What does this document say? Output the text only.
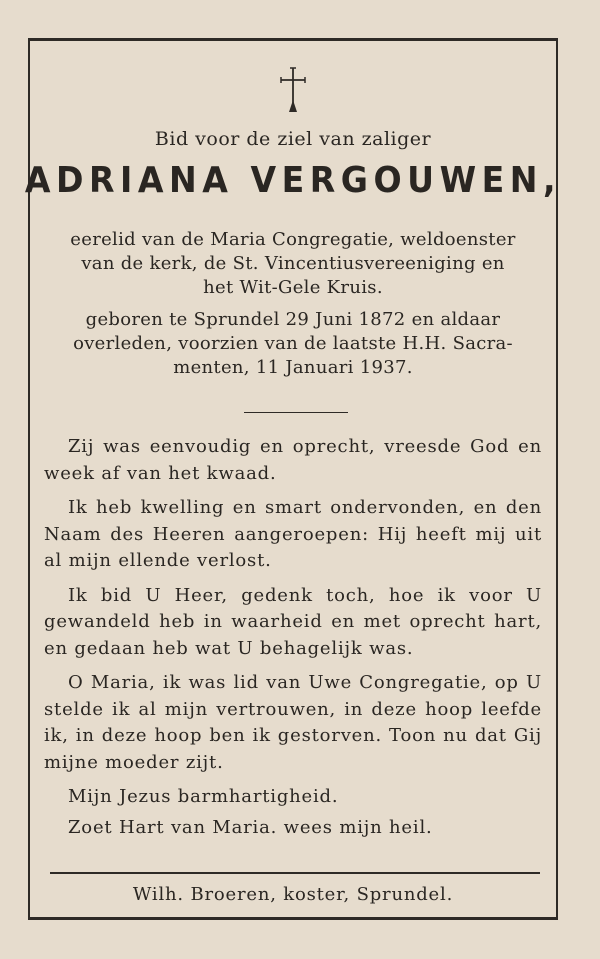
Bid voor de ziel van zaliger
ADRIANA VERGOUWEN,

eerelid van de Maria Congregatie, weldoenster

van de kerk, de St. Vincentiusvereeniging en

het Wit-Gele Kruis.

geboren te Sprundel 29 Juni 1872 en aldaar

overleden, voorzien van de laatste H.H. Sacra-

menten, 11 Januari 1937.

Zij was eenvoudig en oprecht, vreesde God en week af van het kwaad.

Ik heb kwelling en smart ondervonden, en den Naam des Heeren aangeroepen: Hij heeft mij uit al mijn ellende verlost.

Ik bid U Heer, gedenk toch, hoe ik voor U gewandeld heb in waarheid en met oprecht hart, en gedaan heb wat U behagelijk was.

O Maria, ik was lid van Uwe Congregatie, op U stelde ik al mijn vertrouwen, in deze hoop leefde ik, in deze hoop ben ik gestorven. Toon nu dat Gij mijne moeder zijt.

Mijn Jezus barmhartigheid.

Zoet Hart van Maria. wees mijn heil.

Wilh. Broeren, koster, Sprundel.
